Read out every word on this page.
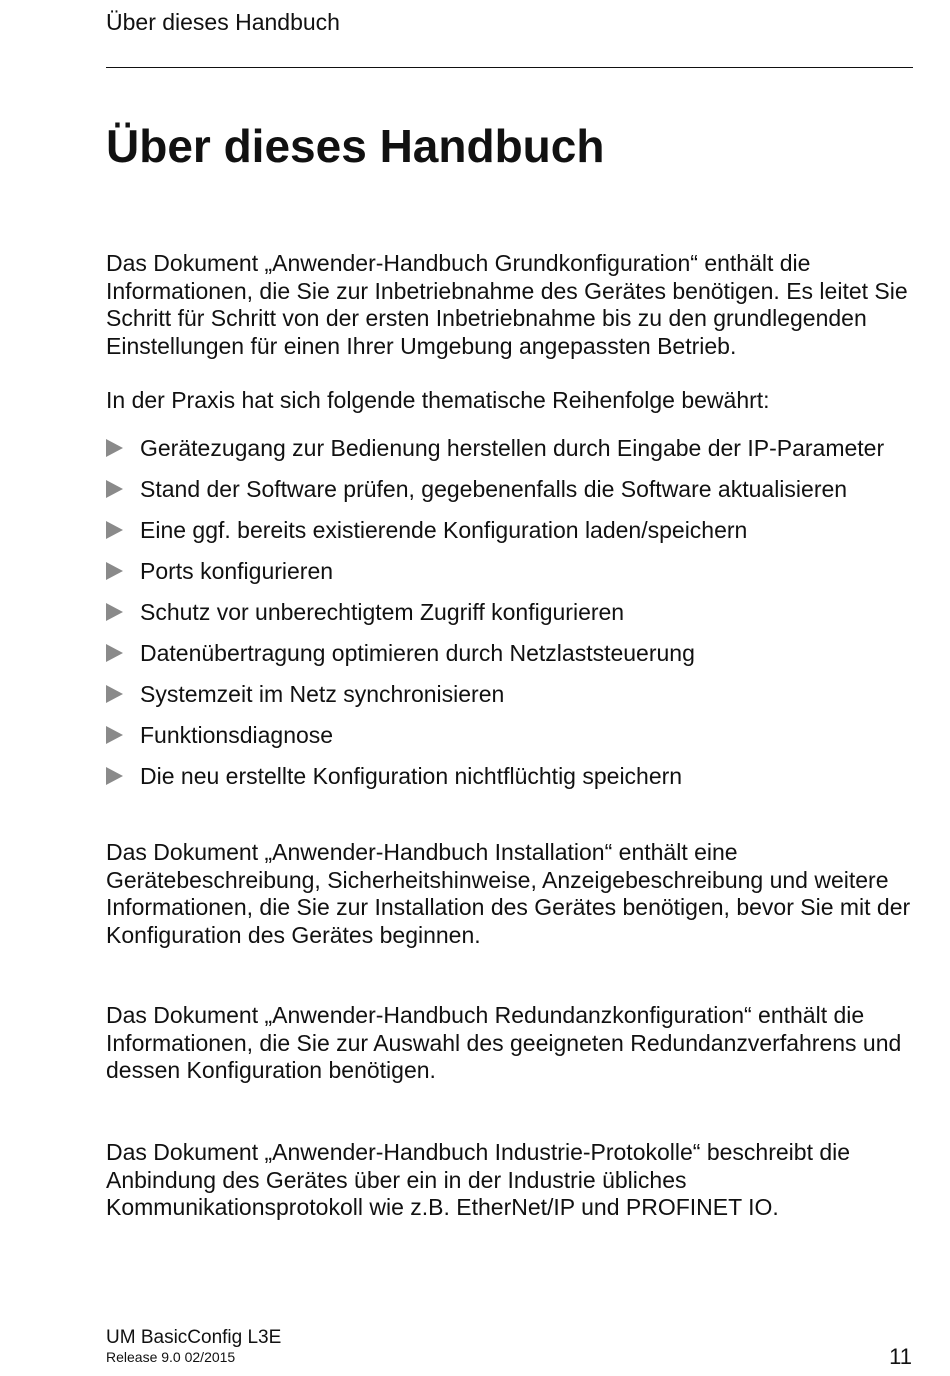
Über dieses Handbuch
Über dieses Handbuch

Das Dokument „Anwender-Handbuch Grundkonfiguration“ enthält die Informationen, die Sie zur Inbetriebnahme des Gerätes benötigen. Es leitet Sie Schritt für Schritt von der ersten Inbetriebnahme bis zu den grundlegenden Einstellungen für einen Ihrer Umgebung angepassten Betrieb.

In der Praxis hat sich folgende thematische Reihenfolge bewährt:

Gerätezugang zur Bedienung herstellen durch Eingabe der IP-Parameter
Stand der Software prüfen, gegebenenfalls die Software aktualisieren
Eine ggf. bereits existierende Konfiguration laden/speichern
Ports konfigurieren
Schutz vor unberechtigtem Zugriff konfigurieren
Datenübertragung optimieren durch Netzlaststeuerung
Systemzeit im Netz synchronisieren
Funktionsdiagnose
Die neu erstellte Konfiguration nichtflüchtig speichern

Das Dokument „Anwender-Handbuch Installation“ enthält eine Gerätebeschreibung, Sicherheitshinweise, Anzeigebeschreibung und weitere Informationen, die Sie zur Installation des Gerätes benötigen, bevor Sie mit der Konfiguration des Gerätes beginnen.

Das Dokument „Anwender-Handbuch Redundanzkonfiguration“ enthält die Informationen, die Sie zur Auswahl des geeigneten Redundanzverfahrens und dessen Konfiguration benötigen.

Das Dokument „Anwender-Handbuch Industrie-Protokolle“ beschreibt die Anbindung des Gerätes über ein in der Industrie übliches Kommunikationsprotokoll wie z.B. EtherNet/IP und PROFINET IO.

UM BasicConfig L3E
Release 9.0 02/2015	11
